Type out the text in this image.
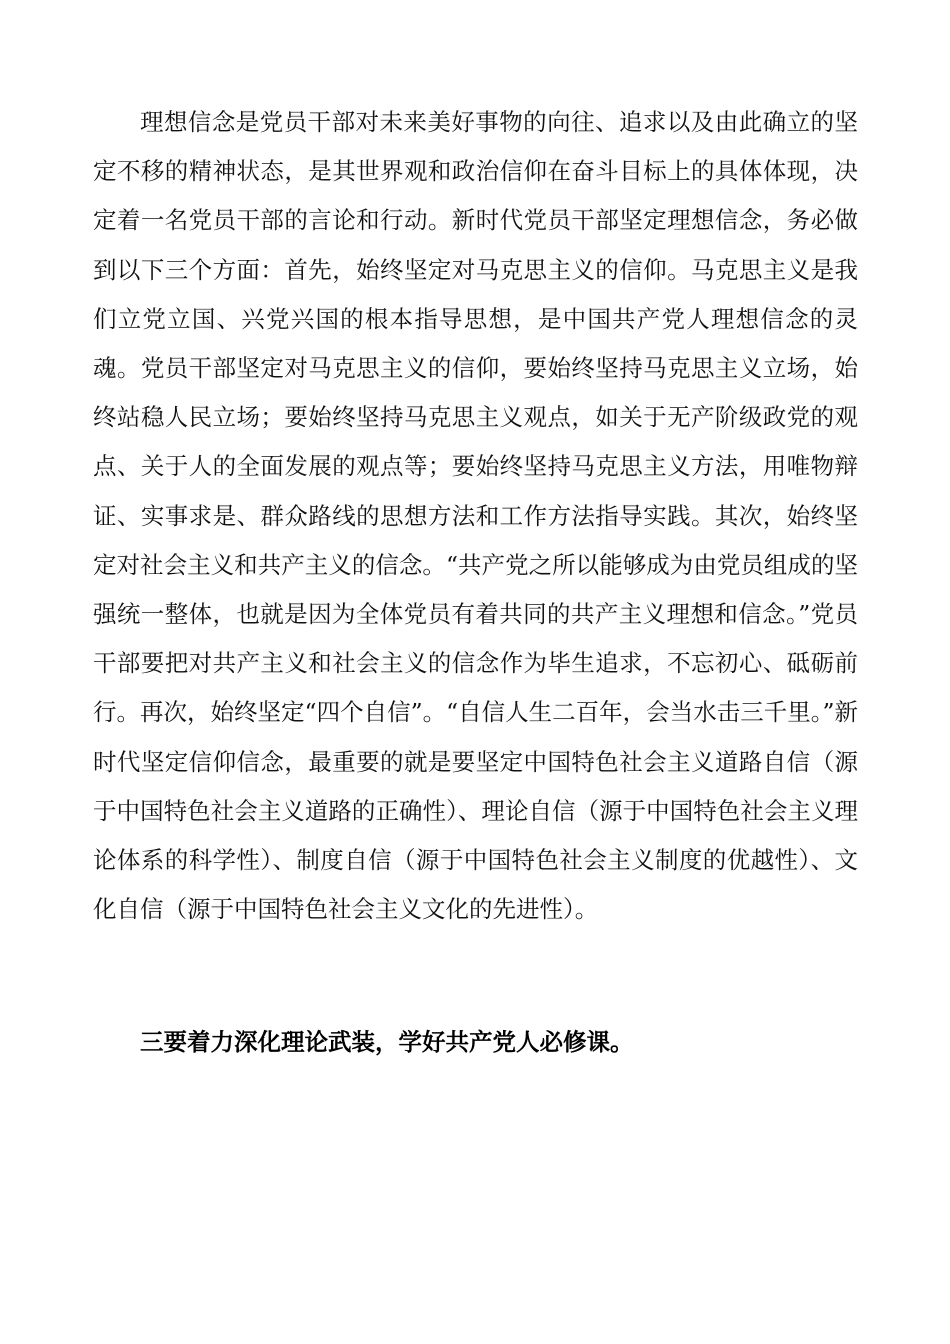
理想信念是党员干部对未来美好事物的向往、追求以及由此确立的坚定不移的精神状态，是其世界观和政治信仰在奋斗目标上的具体体现，决定着一名党员干部的言论和行动。新时代党员干部坚定理想信念，务必做到以下三个方面：首先，始终坚定对马克思主义的信仰。马克思主义是我们立党立国、兴党兴国的根本指导思想，是中国共产党人理想信念的灵魂。党员干部坚定对马克思主义的信仰，要始终坚持马克思主义立场，始终站稳人民立场；要始终坚持马克思主义观点，如关于无产阶级政党的观点、关于人的全面发展的观点等；要始终坚持马克思主义方法，用唯物辩证、实事求是、群众路线的思想方法和工作方法指导实践。其次，始终坚定对社会主义和共产主义的信念。“共产党之所以能够成为由党员组成的坚强统一整体，也就是因为全体党员有着共同的共产主义理想和信念。”党员干部要把对共产主义和社会主义的信念作为毕生追求，不忘初心、砥砺前行。再次，始终坚定“四个自信”。“自信人生二百年，会当水击三千里。”新时代坚定信仰信念，最重要的就是要坚定中国特色社会主义道路自信（源于中国特色社会主义道路的正确性）、理论自信（源于中国特色社会主义理论体系的科学性）、制度自信（源于中国特色社会主义制度的优越性）、文化自信（源于中国特色社会主义文化的先进性）。

三要着力深化理论武装，学好共产党人必修课。
